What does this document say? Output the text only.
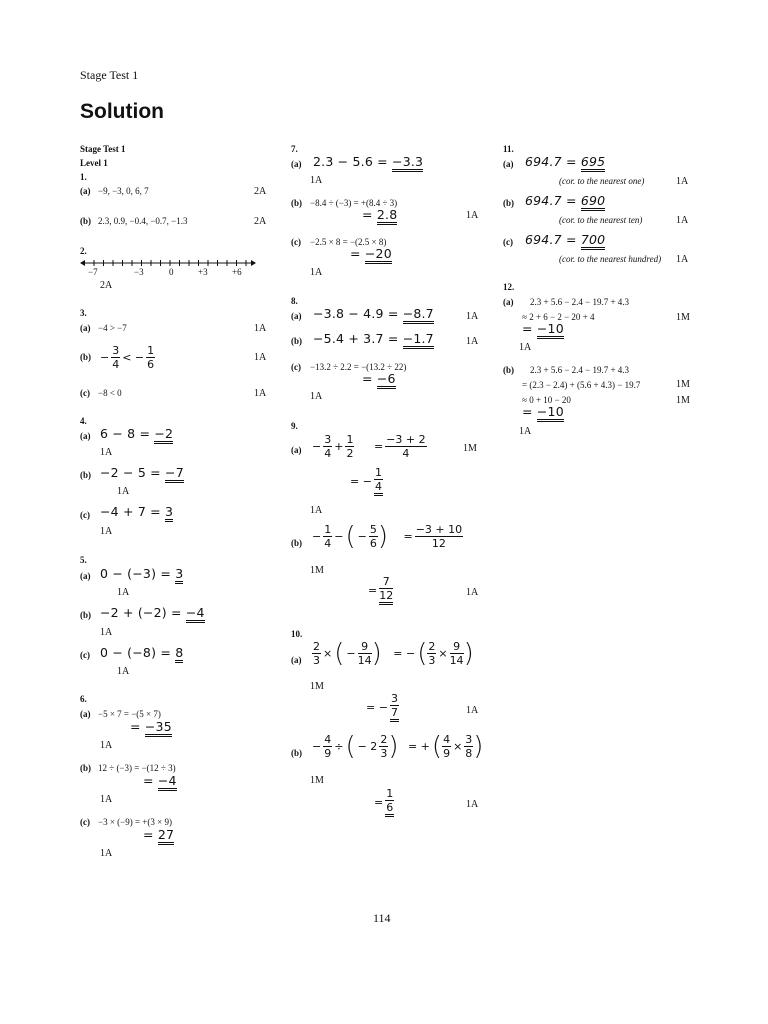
Stage Test 1
Solution
Stage Test 1
Level 1
1.
(a) −9, −3, 0, 6, 7	2A
(b) 2.3, 0.9, −0.4, −0.7, −1.3	2A
2.
−7	−3	0	+3	+6
2A
3.
(a) −4 > −7	1A
$(b) - \frac{3}{4}$ < − $\frac{1}{6}$	1A
(c) −8 < 0	1A
4.
(a) 6 − 8 = −2
1A
(b) −2 − 5 = −7
1A
(c) −4 + 7 = 3
1A
5.
(a) 0 − (−3) = 3
1A
(b) −2 + (−2) = −4
1A
(c) 0 − (−8) = 8
1A
6.
(a) −5 × 7 = −(5 × 7)
= −35
1A
(b) 12 ÷ (−3) = −(12 ÷ 3)
= −4
1A
(c) −3 × (−9) = +(3 × 9)
= 27
1A
7.
(a) 2.3 − 5.6 = −3.3
1A
(b) −8.4 ÷ (−3) = +(8.4 ÷ 3)
= 2.8	1A
(c) −2.5 × 8 = −(2.5 × 8)
= −20
1A
8.
(a) −3.8 − 4.9 = −8.7	1A
(b) −5.4 + 3.7 = −1.7	1A
(c) −13.2 ÷ 2.2 = −(13.2 ÷ 22)
= −6
1A
9.
$(a) - \frac{3}{4} + \frac{1}{2} = \frac{-3 + 2}{4}$	1M
= − $\frac{1}{4}$
1A
$(b) - \frac{1}{4}$ −( − $\frac{5}{6}$ ) = $\frac{-3 + 10}{12}$
1M
= $\frac{7}{12}$	1A
10.
$(a) \frac{2}{3}$ ×( − $\frac{9}{14}$ ) = −( $\frac{2}{3} \times \frac{9}{14}$ )
1M
= − $\frac{3}{7}$	1A
$(b) - \frac{4}{9}$ ÷( − $2 \frac{2}{3}$ ) = +( $\frac{4}{9} \times \frac{3}{8}$ )
1M
= $\frac{1}{6}$	1A
11.
(a) 694.7 = 695
(cor. to the nearest one)	1A
(b) 694.7 = 690
(cor. to the nearest ten)	1A
(c) 694.7 = 700
(cor. to the nearest hundred) 1A
12.
(a) 2.3 + 5.6 − 2.4 − 19.7 + 4.3
≈ 2 + 6 − 2 − 20 + 4	1M
= −10
1A
(b) 2.3 + 5.6 − 2.4 − 19.7 + 4.3
= (2.3 − 2.4) + (5.6 + 4.3) − 19.7	1M
≈ 0 + 10 − 20	1M
= −10
1A
114
